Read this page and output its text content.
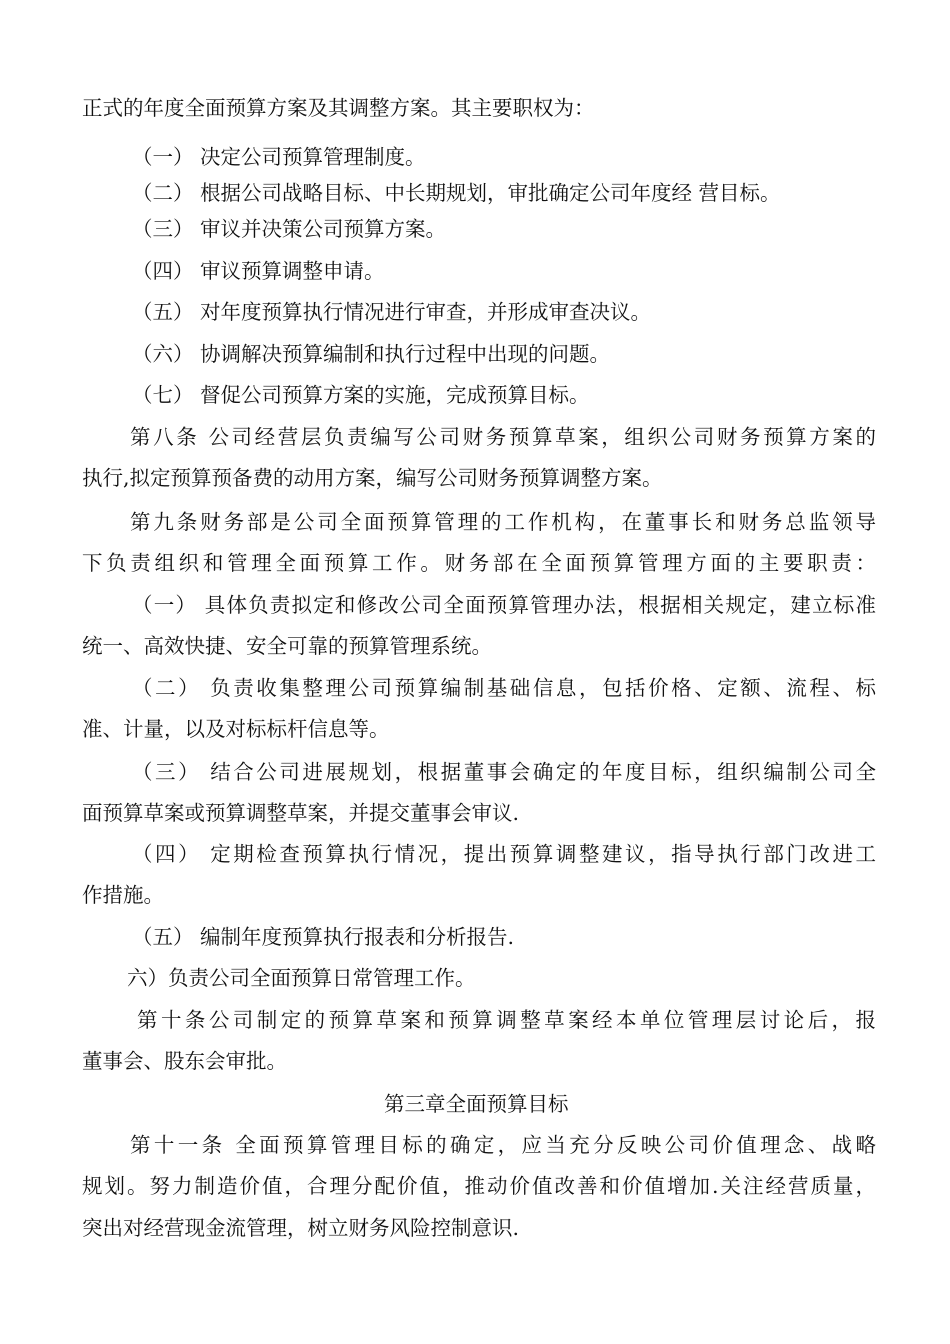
正式的年度全面预算方案及其调整方案。其主要职权为：
（一） 决定公司预算管理制度。
（二） 根据公司战略目标、中长期规划，审批确定公司年度经 营目标。
（三） 审议并决策公司预算方案。
（四） 审议预算调整申请。
（五） 对年度预算执行情况进行审查，并形成审查决议。
（六） 协调解决预算编制和执行过程中出现的问题。
（七） 督促公司预算方案的实施，完成预算目标。
第八条 公司经营层负责编写公司财务预算草案，组织公司财务预算方案的
执行,拟定预算预备费的动用方案，编写公司财务预算调整方案。
第九条财务部是公司全面预算管理的工作机构，在董事长和财务总监领导
下负责组织和管理全面预算工作。财务部在全面预算管理方面的主要职责：
（一） 具体负责拟定和修改公司全面预算管理办法，根据相关规定，建立标准
统一、高效快捷、安全可靠的预算管理系统。
（二） 负责收集整理公司预算编制基础信息，包括价格、定额、流程、标
准、计量，以及对标标杆信息等。
（三） 结合公司进展规划，根据董事会确定的年度目标，组织编制公司全
面预算草案或预算调整草案，并提交董事会审议.
（四） 定期检查预算执行情况，提出预算调整建议，指导执行部门改进工
作措施。
（五） 编制年度预算执行报表和分析报告.
六）负责公司全面预算日常管理工作。
第十条公司制定的预算草案和预算调整草案经本单位管理层讨论后，报
董事会、股东会审批。
第三章全面预算目标
第十一条 全面预算管理目标的确定，应当充分反映公司价值理念、战略
规划。努力制造价值，合理分配价值，推动价值改善和价值增加.关注经营质量，
突出对经营现金流管理，树立财务风险控制意识.
